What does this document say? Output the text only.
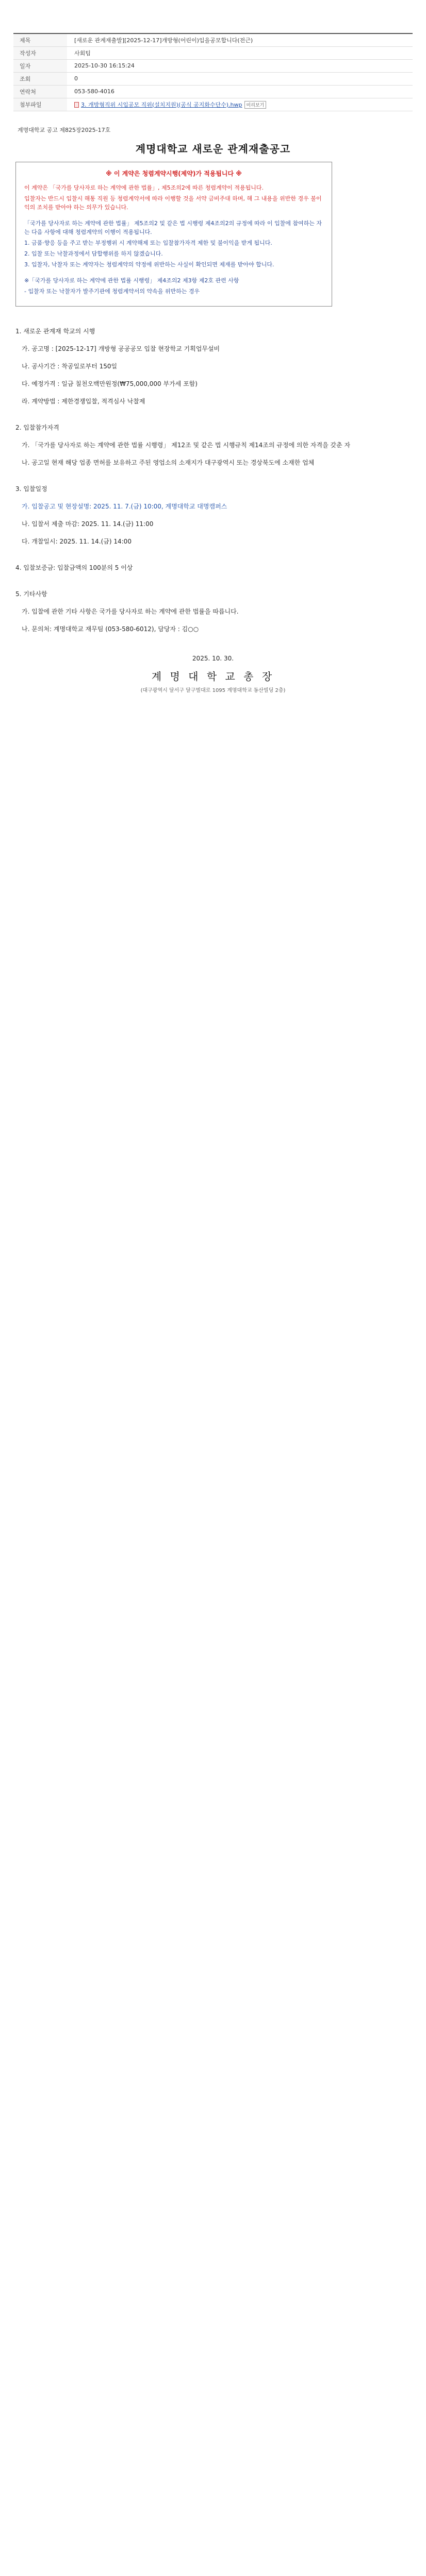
제목	[새로운 관계재출발][2025-12-17]개방형(어린이)입을공모합니다(전근)
작성자	사회팀
일자	2025-10-30 16:15:24
조회	0
연락처	053-580-4016
첨부파일	3. 개방형직위 시입공모 직위(설치지원)(공식 공지화수단수).hwp 미리보기

계명대학교 공고 제825장2025-17호

계명대학교 새로운 관계재출공고
※ 이 계약은 청렴계약시행(제약)가 적용됩니다 ※

이 계약은 「국가를 당사자로 하는 계약에 관한 법률」, 제5조의2에 따른 청렴계약이 적용됩니다.

입찰자는 반드시 입찰시 해통 직원 등 청렴계약서에 따라 이행할 것을 서약 금비주대 하며, 해 그 내용을 위반한 경우 불이익의 조치를 받아야 하는 의무가 있습니다.

「국가를 당사자로 하는 계약에 관한 법률」 제5조의2 및 같은 법 시행령 제4조의2의 규정에 따라 이 입찰에 참여하는 자는 다음 사항에 대해 청렴계약의 이행이 적용됩니다.

1. 금품·향응 등을 주고 받는 부정행위 시 계약해제 또는 입찰참가자격 제한 및 불이익을 받게 됩니다.

2. 입찰 또는 낙찰과정에서 담합행위를 하지 않겠습니다.

3. 입찰자, 낙찰자 또는 계약자는 청렴계약의 약정에 위반하는 사실이 확인되면 제재를 받아야 합니다.

※「국가를 당사자로 하는 계약에 관한 법률 시행령」 제4조의2 제3항 제2호 관련 사항

- 입찰자 또는 낙찰자가 발주기관에 청렴계약서의 약속을 위반하는 경우

1. 새로운 관계재 학교의 시행

가. 공고명 : [2025-12-17] 개방형 공공공모 입찰 현장학교 기획업무설비

나. 공사기간 : 착공일로부터 150일

다. 예정가격 : 일금 칠천오백만원정(₩75,000,000 부가세 포함)

라. 계약방법 : 제한경쟁입찰, 적격심사 낙찰제

2. 입찰참가자격

가. 「국가를 당사자로 하는 계약에 관한 법률 시행령」 제12조 및 같은 법 시행규칙 제14조의 규정에 의한 자격을 갖춘 자

나. 공고일 현재 해당 업종 면허를 보유하고 주된 영업소의 소재지가 대구광역시 또는 경상북도에 소재한 업체

3. 입찰일정

가. 입찰공고 및 현장설명: 2025. 11. 7.(금) 10:00, 계명대학교 대명캠퍼스

나. 입찰서 제출 마감: 2025. 11. 14.(금) 11:00

다. 개찰일시: 2025. 11. 14.(금) 14:00

4. 입찰보증금: 입찰금액의 100분의 5 이상

5. 기타사항

가. 입찰에 관한 기타 사항은 국가를 당사자로 하는 계약에 관한 법률을 따릅니다.

나. 문의처: 계명대학교 재무팀 (053-580-6012), 담당자 : 김○○

2025. 10. 30.

계 명 대 학 교 총 장

(대구광역시 달서구 달구벌대로 1095 계명대학교 동산빌딩 2층)
